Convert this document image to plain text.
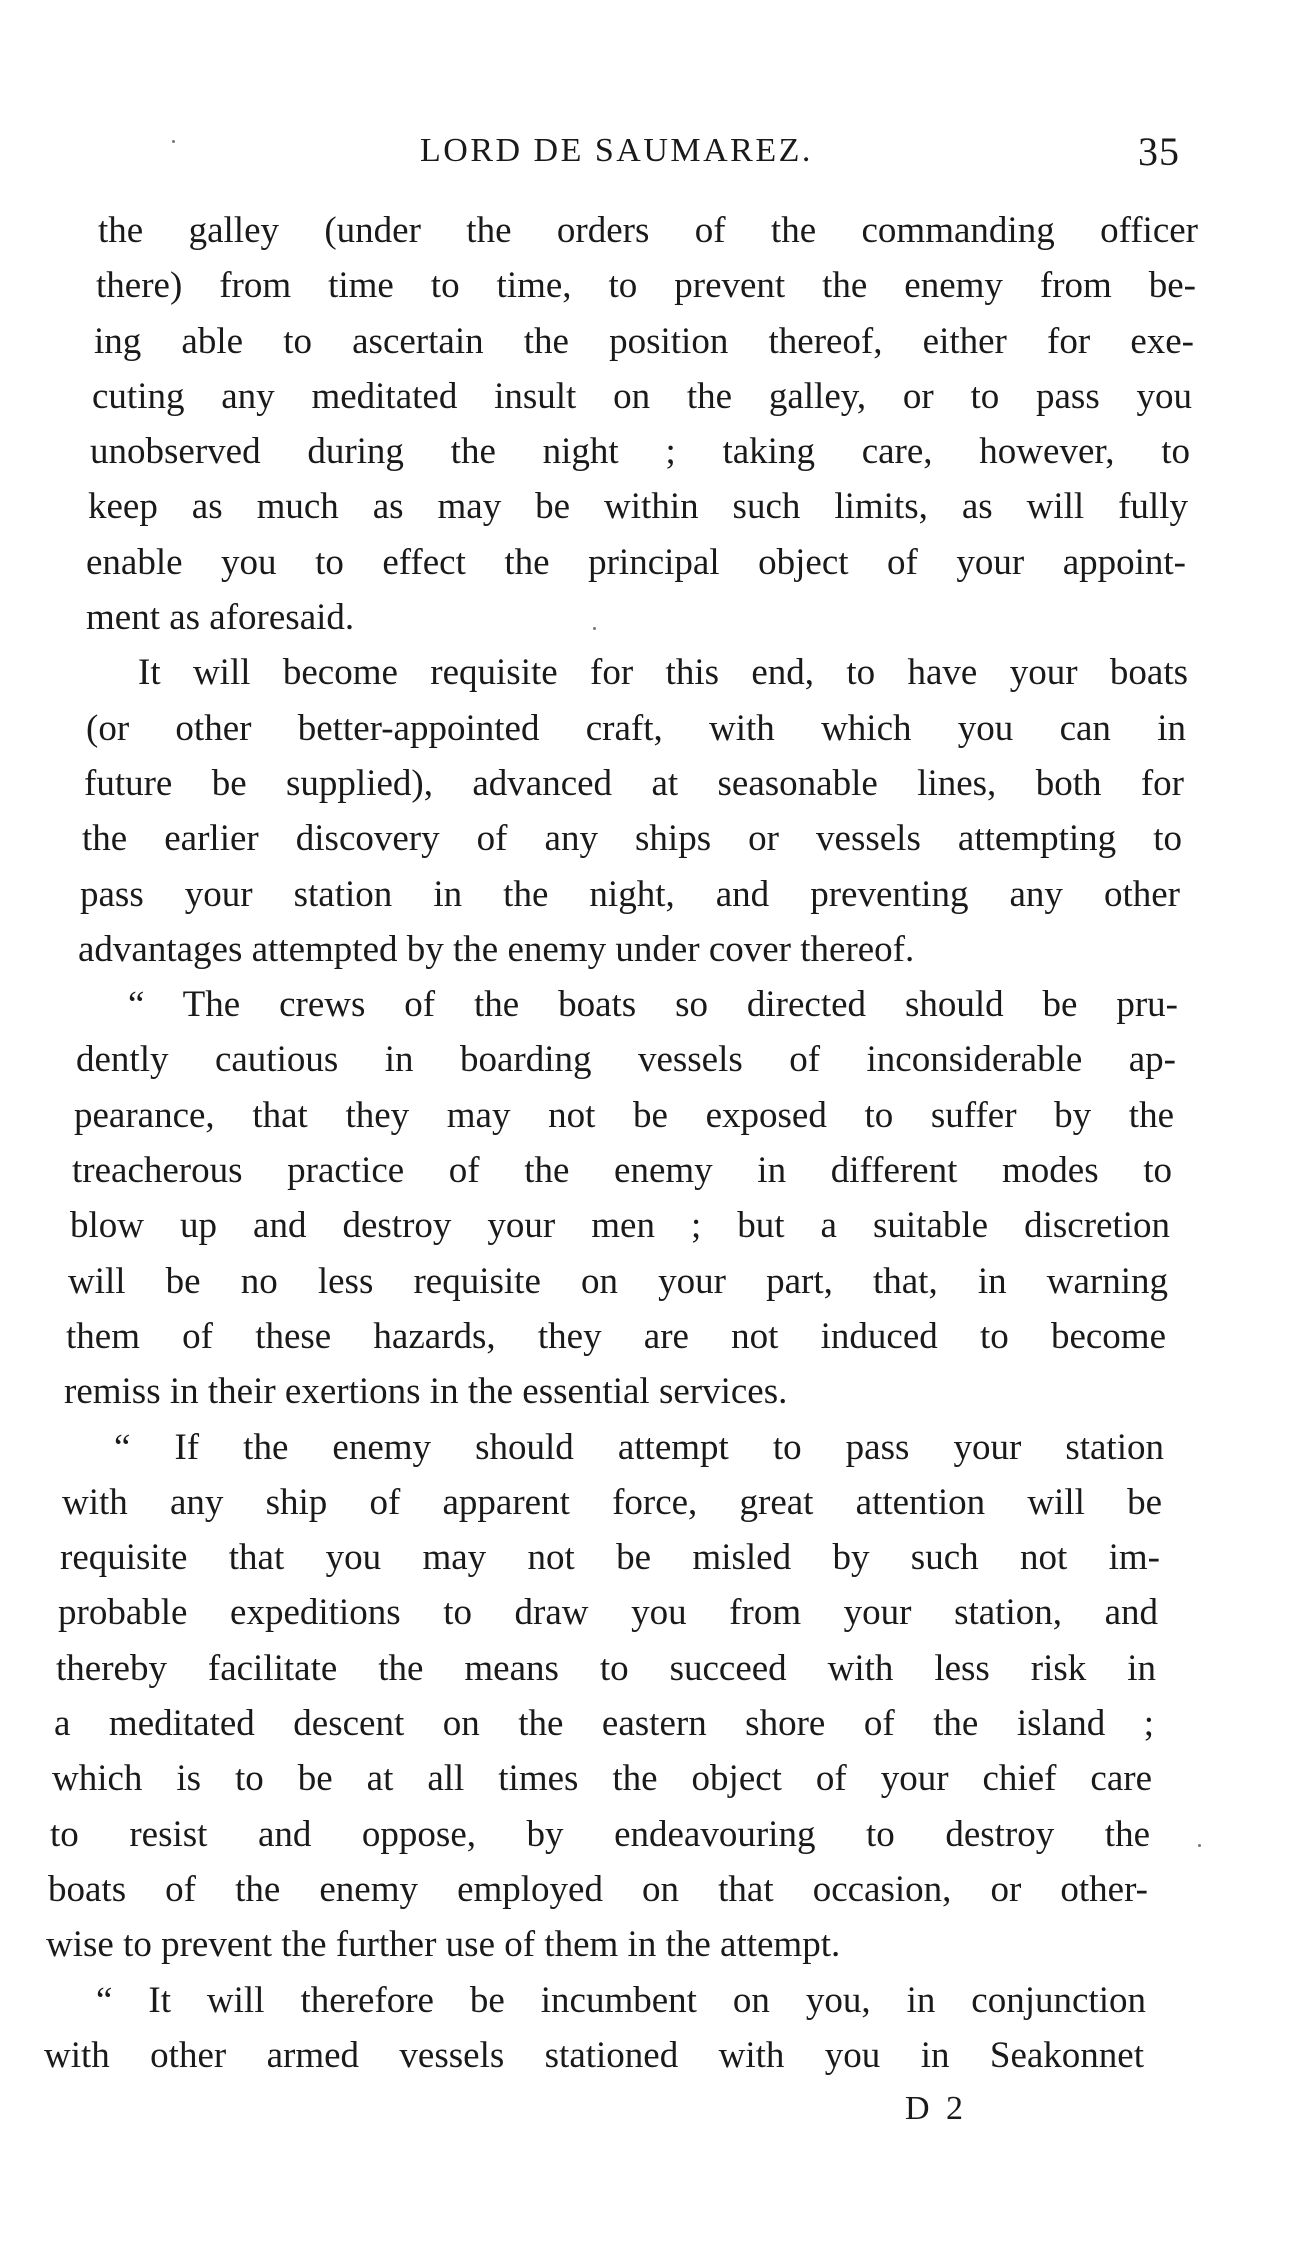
LORD DE SAUMAREZ.	35
the galley (under the orders of the commanding officer
there) from time to time, to prevent the enemy from be-
ing able to ascertain the position thereof, either for exe-
cuting any meditated insult on the galley, or to pass you
unobserved during the night ; taking care, however, to
keep as much as may be within such limits, as will fully
enable you to effect the principal object of your appoint-
ment as aforesaid.
It will become requisite for this end, to have your boats
(or other better-appointed craft, with which you can in
future be supplied), advanced at seasonable lines, both for
the earlier discovery of any ships or vessels attempting to
pass your station in the night, and preventing any other
advantages attempted by the enemy under cover thereof.
“ The crews of the boats so directed should be pru-
dently cautious in boarding vessels of inconsiderable ap-
pearance, that they may not be exposed to suffer by the
treacherous practice of the enemy in different modes to
blow up and destroy your men ; but a suitable discretion
will be no less requisite on your part, that, in warning
them of these hazards, they are not induced to become
remiss in their exertions in the essential services.
“ If the enemy should attempt to pass your station
with any ship of apparent force, great attention will be
requisite that you may not be misled by such not im-
probable expeditions to draw you from your station, and
thereby facilitate the means to succeed with less risk in
a meditated descent on the eastern shore of the island ;
which is to be at all times the object of your chief care
to resist and oppose, by endeavouring to destroy the
boats of the enemy employed on that occasion, or other-
wise to prevent the further use of them in the attempt.
“ It will therefore be incumbent on you, in conjunction
with other armed vessels stationed with you in Seakonnet
D 2
